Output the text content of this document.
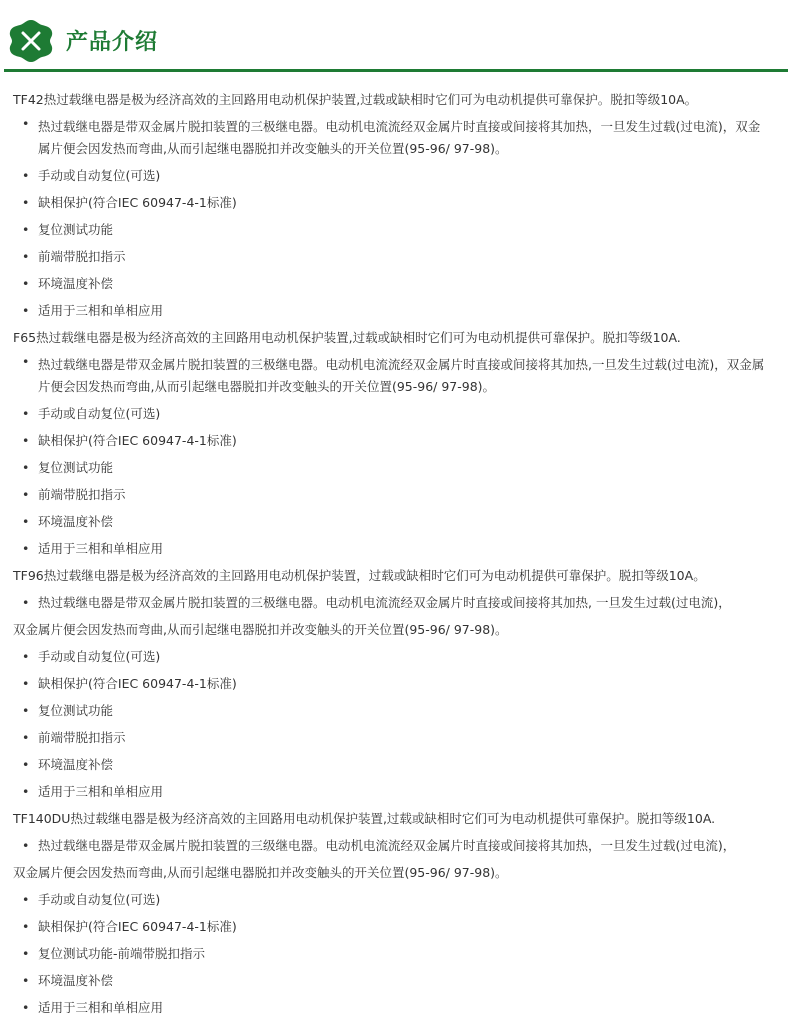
产品介绍

TF42热过载继电器是极为经济高效的主回路用电动机保护装置,过载或缺相时它们可为电动机提供可靠保护。脱扣等级10A。

• 热过载继电器是带双金属片脱扣装置的三极继电器。电动机电流流经双金属片时直接或间接将其加热，一旦发生过载(过电流)，双金属片便会因发热而弯曲,从而引起继电器脱扣并改变触头的开关位置(95-96/ 97-98)。
• 手动或自动复位(可选)
• 缺相保护(符合IEC 60947-4-1标准)
• 复位测试功能
• 前端带脱扣指示
• 环境温度补偿
• 适用于三相和单相应用

F65热过载继电器是极为经济高效的主回路用电动机保护装置,过载或缺相时它们可为电动机提供可靠保护。脱扣等级10A.

• 热过载继电器是带双金属片脱扣装置的三极继电器。电动机电流流经双金属片时直接或间接将其加热,一旦发生过载(过电流)，双金属片便会因发热而弯曲,从而引起继电器脱扣并改变触头的开关位置(95-96/ 97-98)。
• 手动或自动复位(可选)
• 缺相保护(符合IEC 60947-4-1标准)
• 复位测试功能
• 前端带脱扣指示
• 环境温度补偿
• 适用于三相和单相应用

TF96热过载继电器是极为经济高效的主回路用电动机保护装置，过载或缺相时它们可为电动机提供可靠保护。脱扣等级10A。

• 热过载继电器是带双金属片脱扣装置的三极继电器。电动机电流流经双金属片时直接或间接将其加热, 一旦发生过载(过电流)，

双金属片便会因发热而弯曲,从而引起继电器脱扣并改变触头的开关位置(95-96/ 97-98)。

• 手动或自动复位(可选)
• 缺相保护(符合IEC 60947-4-1标准)
• 复位测试功能
• 前端带脱扣指示
• 环境温度补偿
• 适用于三相和单相应用

TF140DU热过载继电器是极为经济高效的主回路用电动机保护装置,过载或缺相时它们可为电动机提供可靠保护。脱扣等级10A.

• 热过载继电器是带双金属片脱扣装置的三级继电器。电动机电流流经双金属片时直接或间接将其加热，一旦发生过载(过电流)，

双金属片便会因发热而弯曲,从而引起继电器脱扣并改变触头的开关位置(95-96/ 97-98)。

• 手动或自动复位(可选)
• 缺相保护(符合IEC 60947-4-1标准)
• 复位测试功能-前端带脱扣指示
• 环境温度补偿
• 适用于三相和单相应用
